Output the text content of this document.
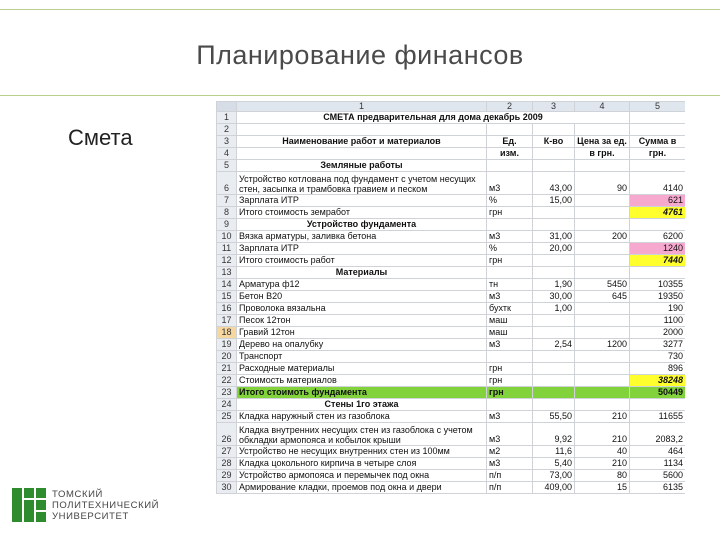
Планирование финансов
Смета
	1	2	3	4	5
1	СМЕТА предварительная для дома декабрь 2009				
2					
3	Наименование работ и материалов	Ед.	К-во	Цена за ед.	Сумма в
4		изм.		в грн.	грн.
5	Земляные работы				
6	Устройство котлована под фундамент с учетом несущих стен, засыпка и трамбовка гравием и песком	м3	43,00	90	4140
7	Зарплата ИТР	%	15,00		621
8	Итого стоимость земработ	грн			4761
9	Устройство фундамента				
10	Вязка арматуры, заливка бетона	м3	31,00	200	6200
11	Зарплата ИТР	%	20,00		1240
12	Итого стоимость работ	грн			7440
13	Материалы				
14	Арматура ф12	тн	1,90	5450	10355
15	Бетон В20	м3	30,00	645	19350
16	Проволока вязальна	бухтк	1,00		190
17	Песок 12тон	маш			1100
18	Гравий 12тон	маш			2000
19	Дерево на опалубку	м3	2,54	1200	3277
20	Транспорт				730
21	Расходные материалы	грн			896
22	Стоимость материалов	грн			38248
23	Итого стоимоть фундамента	грн			50449
24	Стены 1го этажа				
25	Кладка наружный стен из газоблока	м3	55,50	210	11655
26	Кладка внутренних несущих стен из газоблока с учетом обкладки армопояса и кобылок крыши	м3	9,92	210	2083,2
27	Устройство не несущих внутренних стен из 100мм	м2	11,6	40	464
28	Кладка цокольного кирпича в четыре слоя	м3	5,40	210	1134
29	Устройство армопояса и перемычек под окна	п/п	73,00	80	5600
30	Армирование кладки, проемов под окна и двери	п/п	409,00	15	6135
ТОМСКИЙ
ПОЛИТЕХНИЧЕСКИЙ
УНИВЕРСИТЕТ
